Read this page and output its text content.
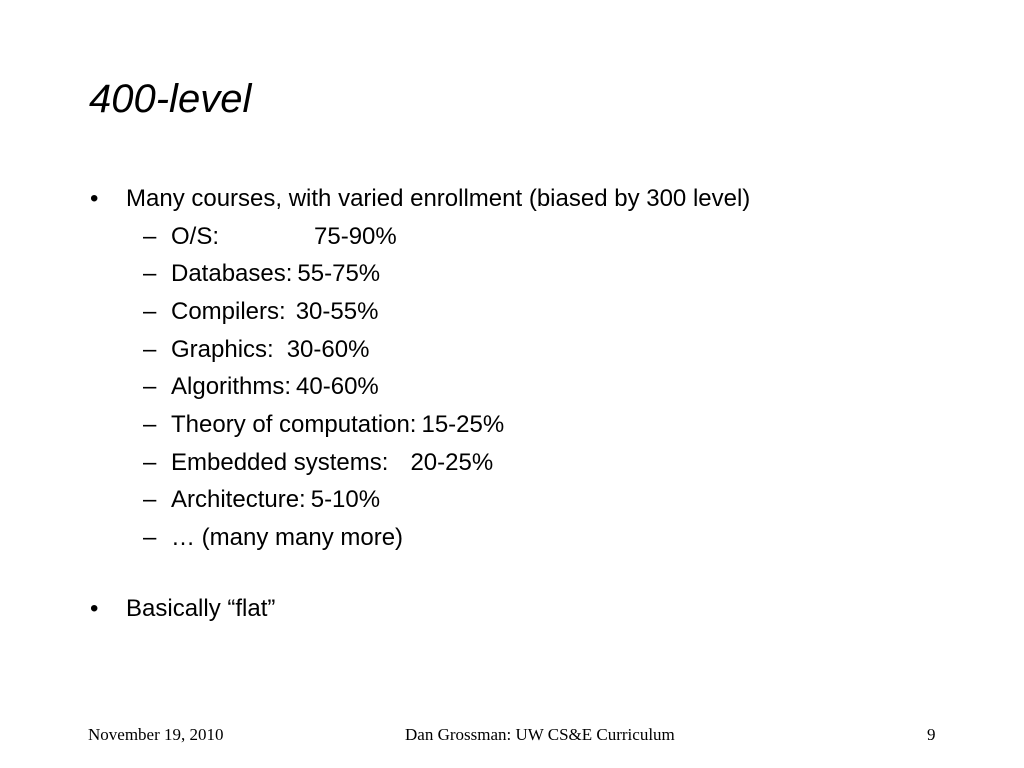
400-level
• Many courses, with varied enrollment (biased by 300 level)
– O/S:	75-90%
– Databases: 55-75%
– Compilers: 30-55%
– Graphics: 30-60%
– Algorithms: 40-60%
– Theory of computation: 15-25%
– Embedded systems: 20-25%
– Architecture: 5-10%
– … (many many more)
• Basically “flat”
November 19, 2010	Dan Grossman: UW CS&E Curriculum	9
